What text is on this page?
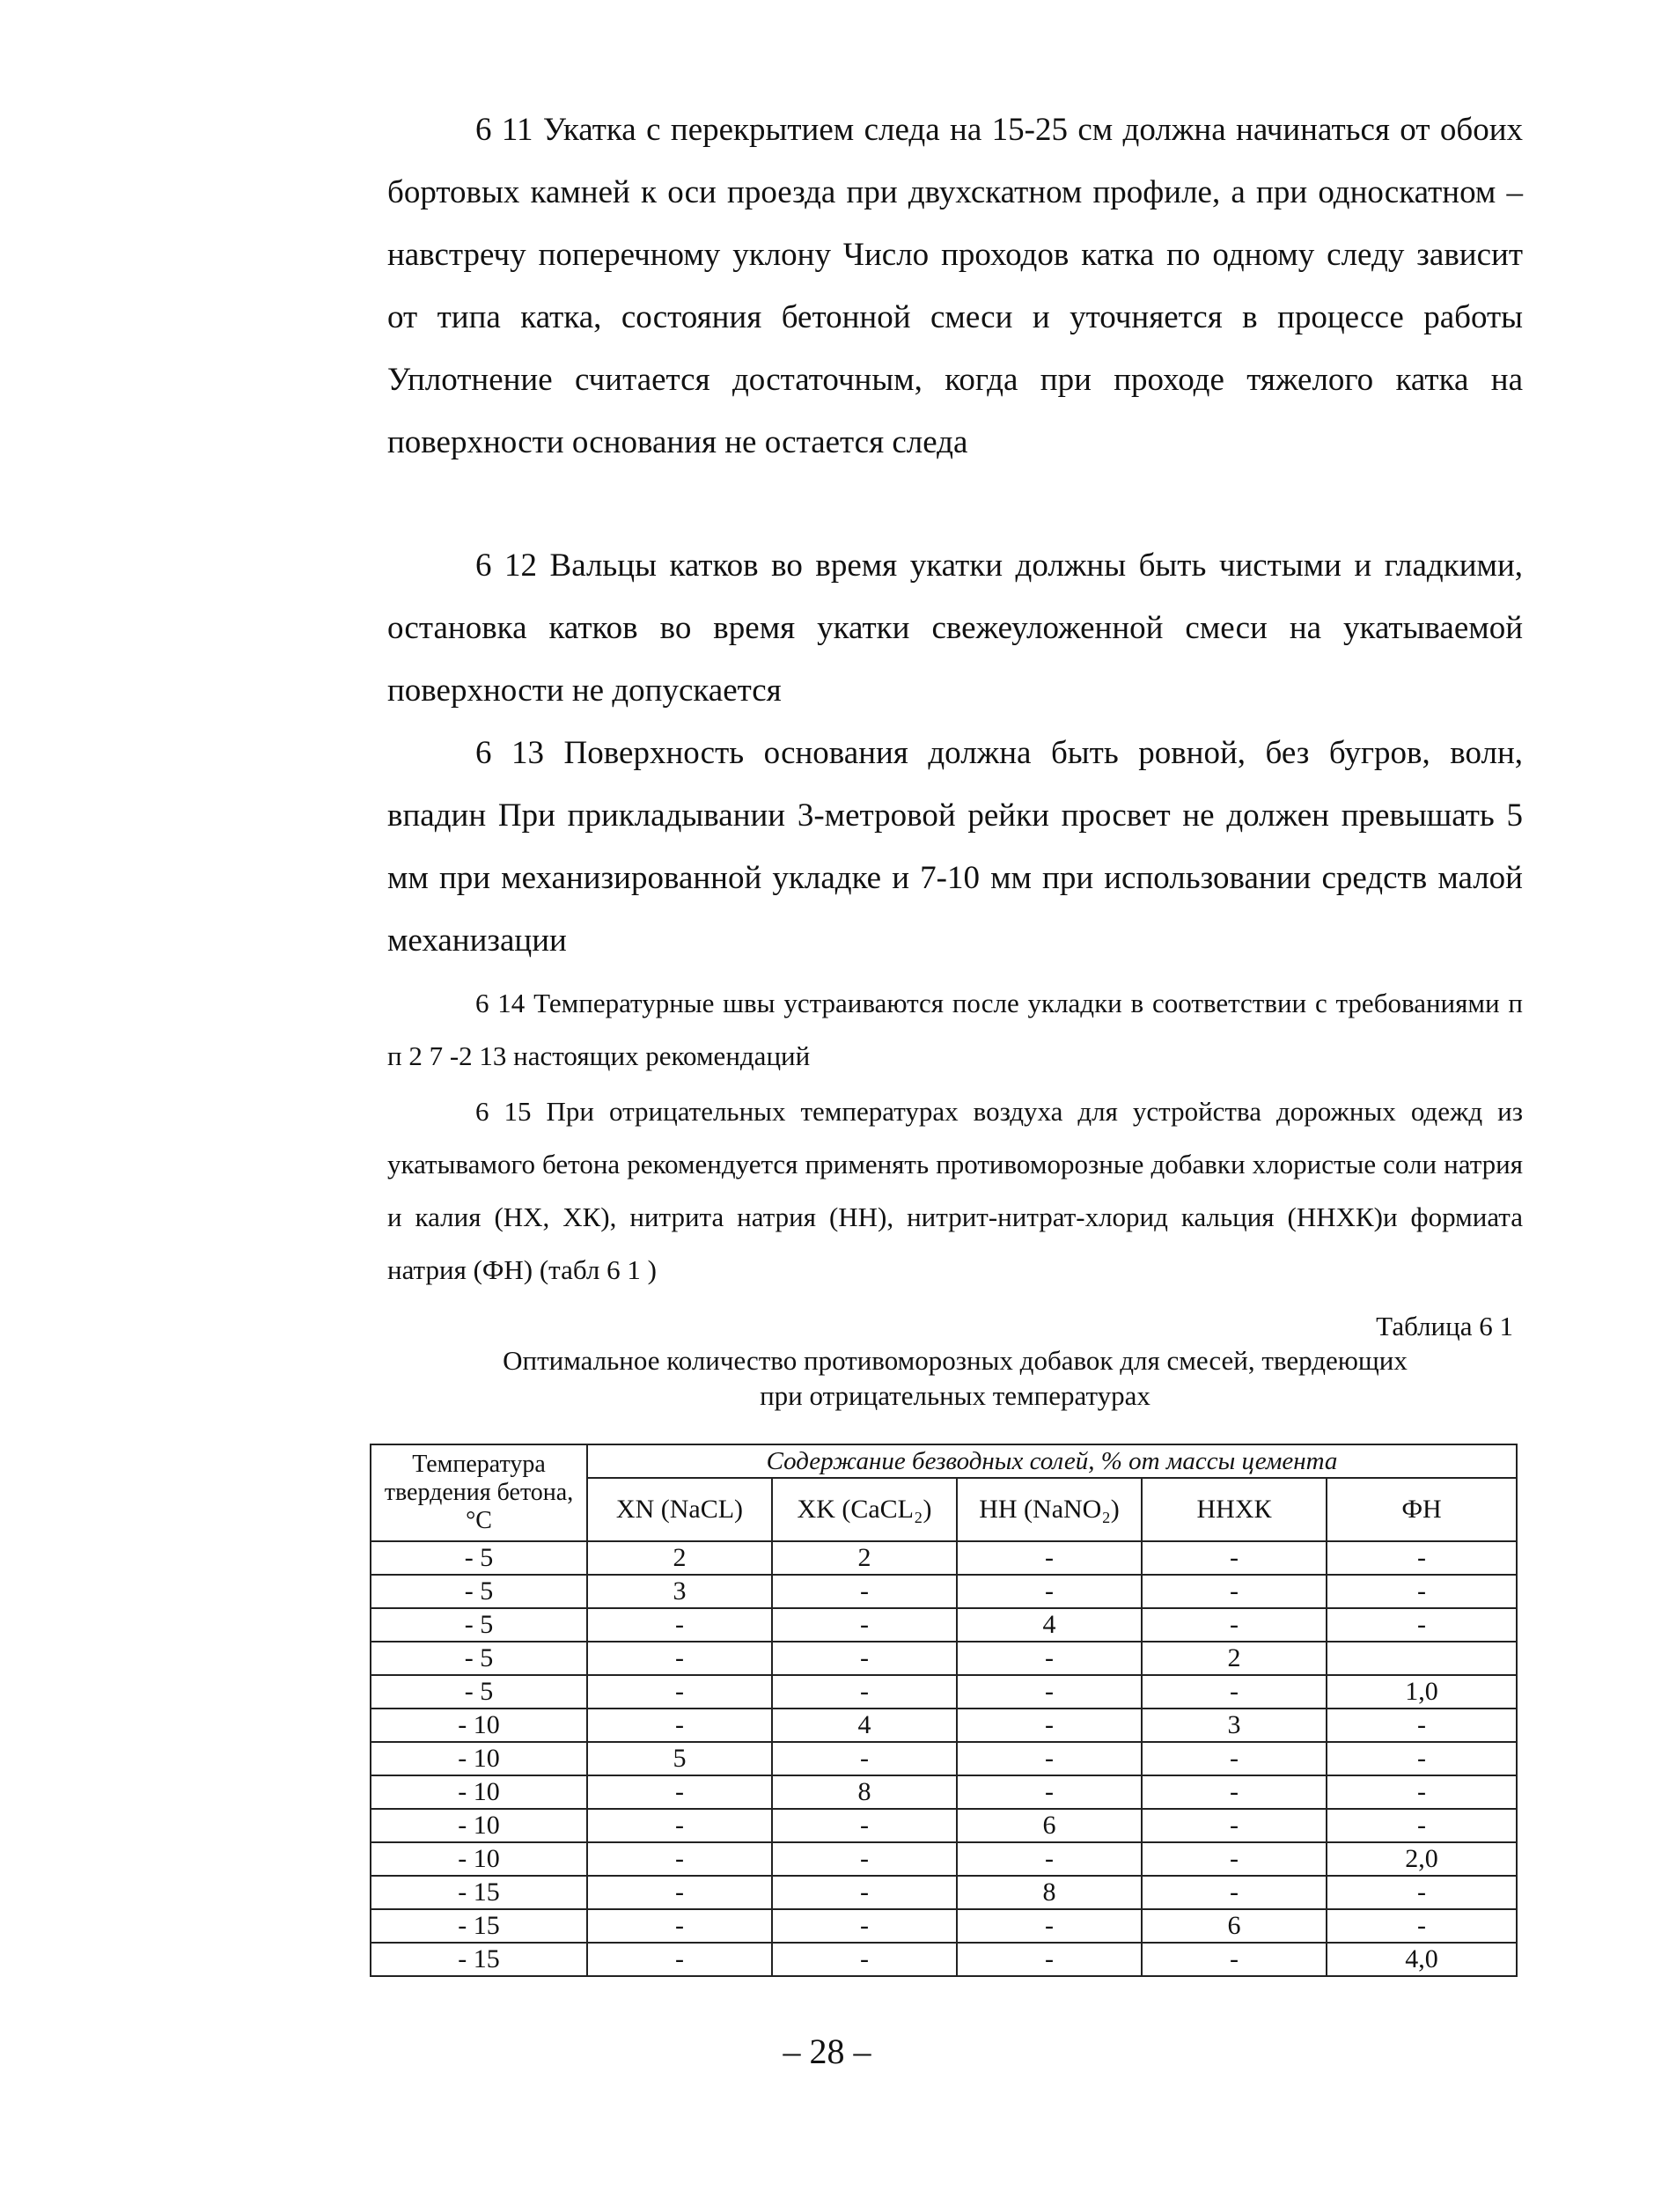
6 11 Укатка с перекрытием следа на 15-25 см должна начинаться от обоих бортовых камней к оси проезда при двухскатном профиле, а при односкатном – навстречу поперечному уклону Число проходов катка по одному следу зависит от типа катка, состояния бетонной смеси и уточняется в процессе работы Уплотнение считается достаточным, когда при проходе тяжелого катка на поверхности основания не остается следа

6 12 Вальцы катков во время укатки должны быть чистыми и гладкими, остановка катков во время укатки свежеуложенной смеси на укатываемой поверхности не допускается

6 13 Поверхность основания должна быть ровной, без бугров, волн, впадин При прикладывании 3-метровой рейки просвет не должен превышать 5 мм при механизированной укладке и 7-10 мм при использовании средств малой механизации

6 14 Температурные швы устраиваются после укладки в соответствии с требованиями п п 2 7 -2 13 настоящих рекомендаций

6 15 При отрицательных температурах воздуха для устройства дорожных одежд из укатывамого бетона рекомендуется применять противоморозные добавки хлористые соли натрия и калия (НХ, ХК), нитрита натрия (НН), нитрит-нитрат-хлорид кальция (ННХК)и формиата натрия (ФН) (табл 6 1 )

Таблица 6 1

Оптимальное количество противоморозных добавок для смесей, твердеющих
при отрицательных температурах

Температура твердения бетона, °С	Содержание безводных солей, % от массы цемента				
	XN (NaCL)	XK (CaCL₂)	НН (NaNO₂)	ННХК	ФН
- 5	2	2	-	-	-
- 5	3	-	-	-	-
- 5	-	-	4	-	-
- 5	-	-	-	2	
- 5	-	-	-	-	1,0
- 10	-	4	-	3	-
- 10	5	-	-	-	-
- 10	-	8	-	-	-
- 10	-	-	6	-	-
- 10	-	-	-	-	2,0
- 15	-	-	8	-	-
- 15	-	-	-	6	-
- 15	-	-	-	-	4,0

– 28 –
